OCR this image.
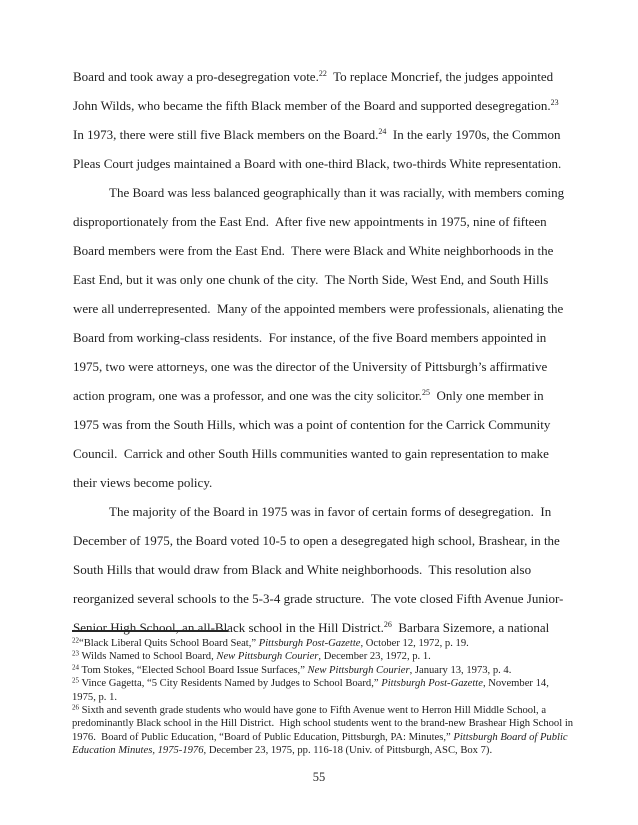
Board and took away a pro-desegregation vote.$^{22}$  To replace Moncrief, the judges appointed John Wilds, who became the fifth Black member of the Board and supported desegregation.$^{23}$  In 1973, there were still five Black members on the Board.$^{24}$  In the early 1970s, the Common Pleas Court judges maintained a Board with one-third Black, two-thirds White representation.

The Board was less balanced geographically than it was racially, with members coming disproportionately from the East End.  After five new appointments in 1975, nine of fifteen Board members were from the East End.  There were Black and White neighborhoods in the East End, but it was only one chunk of the city.  The North Side, West End, and South Hills were all underrepresented.  Many of the appointed members were professionals, alienating the Board from working-class residents.  For instance, of the five Board members appointed in 1975, two were attorneys, one was the director of the University of Pittsburgh’s affirmative action program, one was a professor, and one was the city solicitor.$^{25}$  Only one member in 1975 was from the South Hills, which was a point of contention for the Carrick Community Council.  Carrick and other South Hills communities wanted to gain representation to make their views become policy.

The majority of the Board in 1975 was in favor of certain forms of desegregation.  In December of 1975, the Board voted 10-5 to open a desegregated high school, Brashear, in the South Hills that would draw from Black and White neighborhoods.  This resolution also reorganized several schools to the 5-3-4 grade structure.  The vote closed Fifth Avenue Junior-Senior High School, an all-Black school in the Hill District.$^{26}$  Barbara Sizemore, a national

$^{22}$“Black Liberal Quits School Board Seat,” Pittsburgh Post-Gazette, October 12, 1972, p. 19.
$^{23}$ Wilds Named to School Board, New Pittsburgh Courier, December 23, 1972, p. 1.
$^{24}$ Tom Stokes, “Elected School Board Issue Surfaces,” New Pittsburgh Courier, January 13, 1973, p. 4.
$^{25}$ Vince Gagetta, “5 City Residents Named by Judges to School Board,” Pittsburgh Post-Gazette, November 14, 1975, p. 1.
$^{26}$ Sixth and seventh grade students who would have gone to Fifth Avenue went to Herron Hill Middle School, a predominantly Black school in the Hill District.  High school students went to the brand-new Brashear High School in 1976.  Board of Public Education, “Board of Public Education, Pittsburgh, PA: Minutes,” Pittsburgh Board of Public Education Minutes, 1975-1976, December 23, 1975, pp. 116-18 (Univ. of Pittsburgh, ASC, Box 7).
55
